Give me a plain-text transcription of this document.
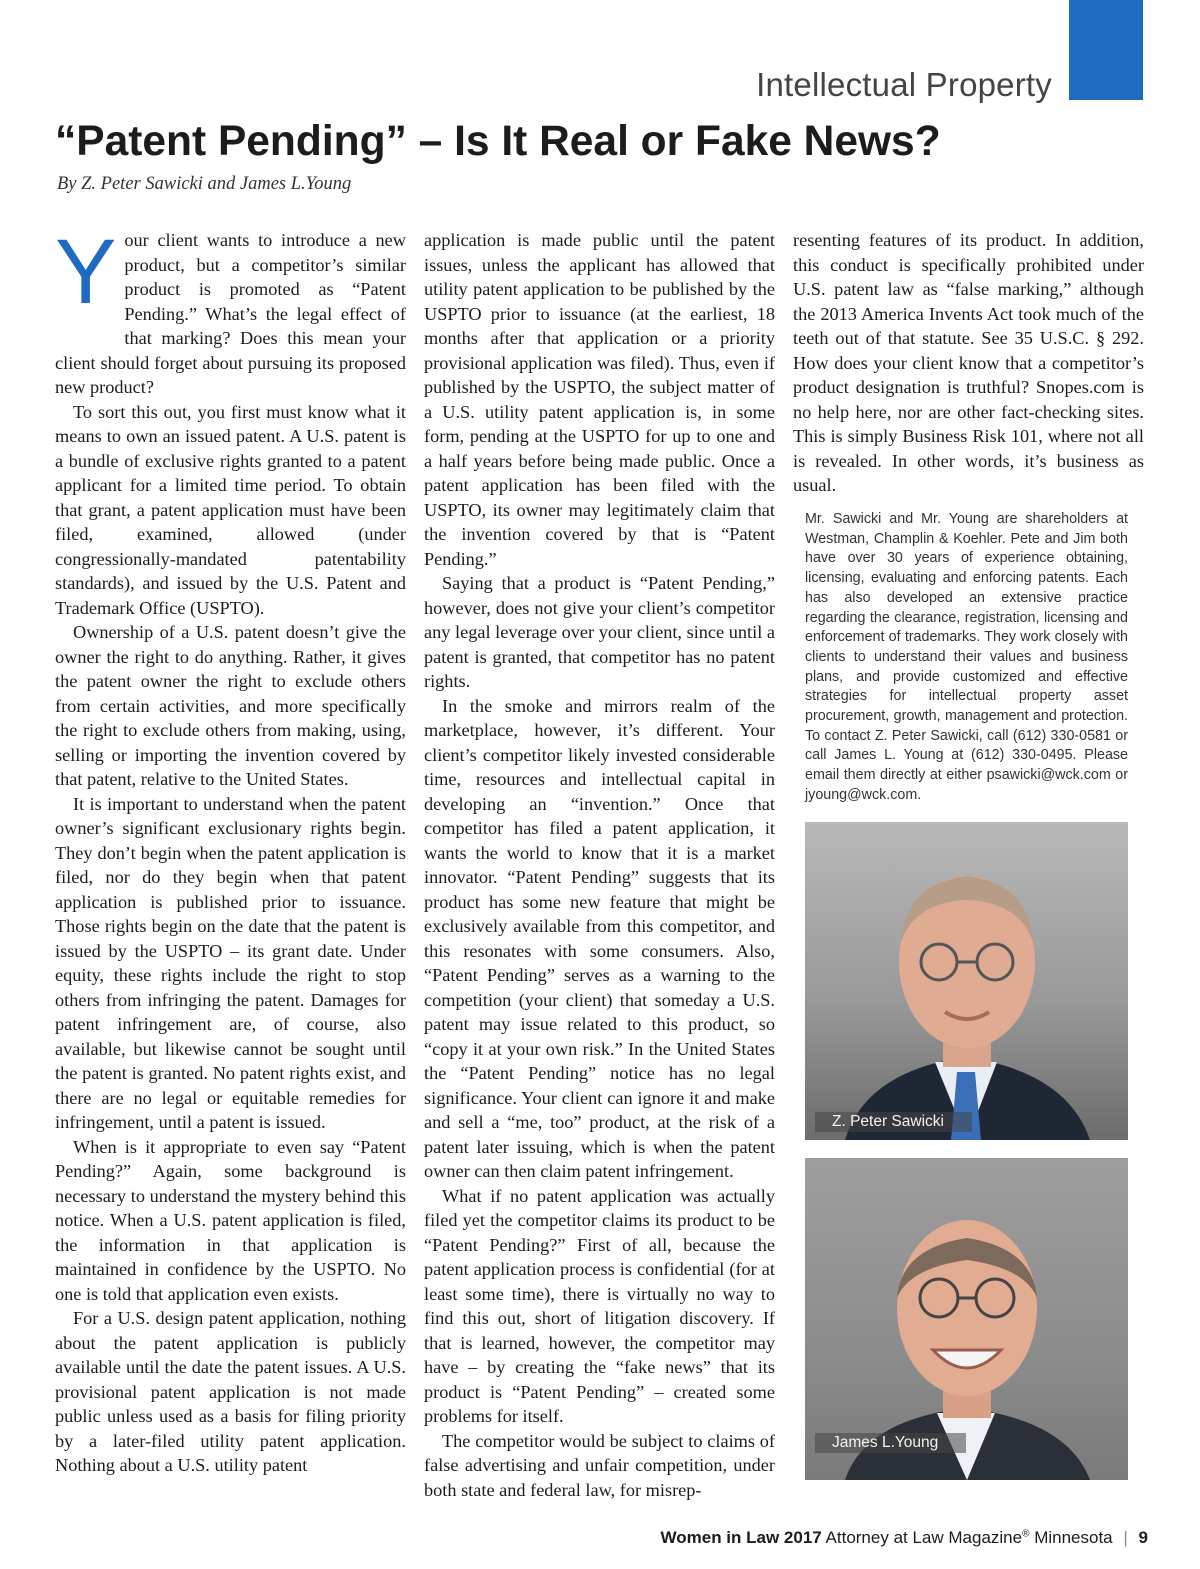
Intellectual Property
“Patent Pending” – Is It Real or Fake News?
By Z. Peter Sawicki and James L.Young
Y our client wants to introduce a new product, but a competitor’s similar product is promoted as “Patent Pending.” What’s the legal effect of that marking? Does this mean your client should forget about pursuing its proposed new product?

To sort this out, you first must know what it means to own an issued patent. A U.S. patent is a bundle of exclusive rights granted to a patent applicant for a limited time period. To obtain that grant, a patent application must have been filed, examined, allowed (under congressionally-mandated patentability standards), and issued by the U.S. Patent and Trademark Office (USPTO).

Ownership of a U.S. patent doesn’t give the owner the right to do anything. Rather, it gives the patent owner the right to exclude others from certain activities, and more specifically the right to exclude others from making, using, selling or importing the invention covered by that patent, relative to the United States.

It is important to understand when the patent owner’s significant exclusionary rights begin. They don’t begin when the patent application is filed, nor do they begin when that patent application is published prior to issuance. Those rights begin on the date that the patent is issued by the USPTO – its grant date. Under equity, these rights include the right to stop others from infringing the patent. Damages for patent infringement are, of course, also available, but likewise cannot be sought until the patent is granted. No patent rights exist, and there are no legal or equitable remedies for infringement, until a patent is issued.

When is it appropriate to even say “Patent Pending?” Again, some background is necessary to understand the mystery behind this notice. When a U.S. patent application is filed, the information in that application is maintained in confidence by the USPTO. No one is told that application even exists.

For a U.S. design patent application, nothing about the patent application is publicly available until the date the patent issues. A U.S. provisional patent application is not made public unless used as a basis for filing priority by a later-filed utility patent application. Nothing about a U.S. utility patent

application is made public until the patent issues, unless the applicant has allowed that utility patent application to be published by the USPTO prior to issuance (at the earliest, 18 months after that application or a priority provisional application was filed). Thus, even if published by the USPTO, the subject matter of a U.S. utility patent application is, in some form, pending at the USPTO for up to one and a half years before being made public. Once a patent application has been filed with the USPTO, its owner may legitimately claim that the invention covered by that is “Patent Pending.”

Saying that a product is “Patent Pending,” however, does not give your client’s competitor any legal leverage over your client, since until a patent is granted, that competitor has no patent rights.

In the smoke and mirrors realm of the marketplace, however, it’s different. Your client’s competitor likely invested considerable time, resources and intellectual capital in developing an “invention.” Once that competitor has filed a patent application, it wants the world to know that it is a market innovator. “Patent Pending” suggests that its product has some new feature that might be exclusively available from this competitor, and this resonates with some consumers. Also, “Patent Pending” serves as a warning to the competition (your client) that someday a U.S. patent may issue related to this product, so “copy it at your own risk.” In the United States the “Patent Pending” notice has no legal significance. Your client can ignore it and make and sell a “me, too” product, at the risk of a patent later issuing, which is when the patent owner can then claim patent infringement.

What if no patent application was actually filed yet the competitor claims its product to be “Patent Pending?” First of all, because the patent application process is confidential (for at least some time), there is virtually no way to find this out, short of litigation discovery. If that is learned, however, the competitor may have – by creating the “fake news” that its product is “Patent Pending” – created some problems for itself.

The competitor would be subject to claims of false advertising and unfair competition, under both state and federal law, for misrep-

resenting features of its product. In addition, this conduct is specifically prohibited under U.S. patent law as “false marking,” although the 2013 America Invents Act took much of the teeth out of that statute. See 35 U.S.C. § 292. How does your client know that a competitor’s product designation is truthful? Snopes.com is no help here, nor are other fact-checking sites. This is simply Business Risk 101, where not all is revealed. In other words, it’s business as usual.

Mr. Sawicki and Mr. Young are shareholders at Westman, Champlin & Koehler. Pete and Jim both have over 30 years of experience obtaining, licensing, evaluating and enforcing patents. Each has also developed an extensive practice regarding the clearance, registration, licensing and enforcement of trademarks. They work closely with clients to understand their values and business plans, and provide customized and effective strategies for intellectual property asset procurement, growth, management and protection. To contact Z. Peter Sawicki, call (612) 330-0581 or call James L. Young at (612) 330-0495. Please email them directly at either psawicki@wck.com or jyoung@wck.com.
Z. Peter Sawicki
James L.Young
Women in Law 2017 Attorney at Law Magazine® Minnesota | 9
